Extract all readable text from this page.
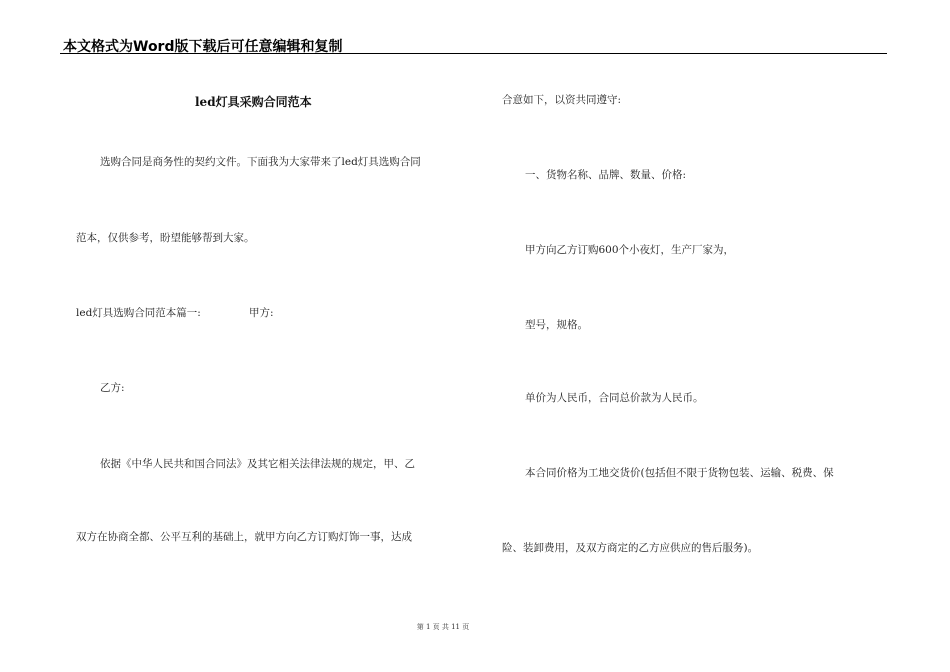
本文格式为Word版下载后可任意编辑和复制
led灯具采购合同范本
选购合同是商务性的契约文件。下面我为大家带来了led灯具选购合同
范本，仅供参考，盼望能够帮到大家。
led灯具选购合同范本篇一:	甲方:
乙方:
依据《中华人民共和国合同法》及其它相关法律法规的规定，甲、乙
双方在协商全都、公平互利的基础上，就甲方向乙方订购灯饰一事，达成
合意如下，以资共同遵守:
一、货物名称、品牌、数量、价格:
甲方向乙方订购600个小夜灯，生产厂家为，
型号，规格。
单价为人民币，合同总价款为人民币。
本合同价格为工地交货价(包括但不限于货物包装、运输、税费、保
险、装卸费用，及双方商定的乙方应供应的售后服务)。
第 1 页 共 11 页
